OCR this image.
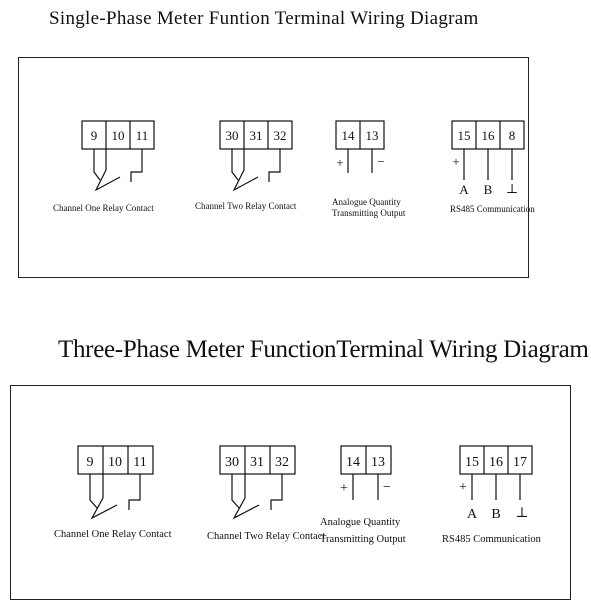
Single-Phase Meter Funtion Terminal Wiring Diagram
Three-Phase Meter FunctionTerminal Wiring Diagram
9 10 11	30 31 32	14 13	15 16 8
+	−	+
A B ⊥
Channel One Relay Contact	Channel Two Relay Contact	Analogue Quantity
Transmitting Output	RS485 Communication
9 10 11	30 31 32	14 13	15 16 17
+	−	+
A B ⊥
Channel One Relay Contact	Channel Two Relay Contact
Analogue Quantity
Transmitting Output	RS485 Communication
